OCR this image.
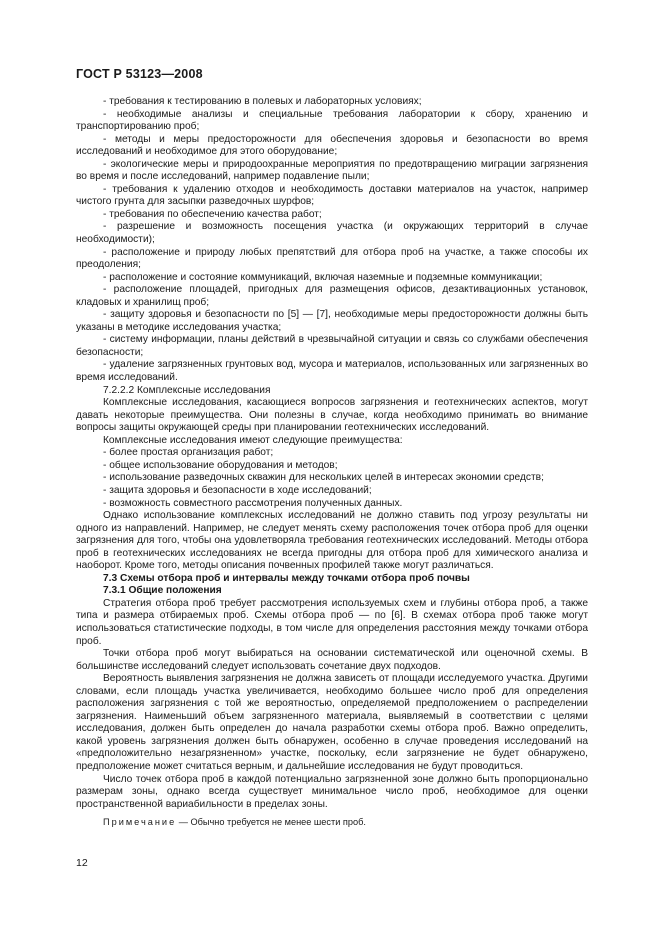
ГОСТ Р 53123—2008

- требования к тестированию в полевых и лабораторных условиях;

- необходимые анализы и специальные требования лаборатории к сбору, хранению и транспортированию проб;

- методы и меры предосторожности для обеспечения здоровья и безопасности во время исследований и необходимое для этого оборудование;

- экологические меры и природоохранные мероприятия по предотвращению миграции загрязнения во время и после исследований, например подавление пыли;

- требования к удалению отходов и необходимость доставки материалов на участок, например чистого грунта для засыпки разведочных шурфов;

- требования по обеспечению качества работ;

- разрешение и возможность посещения участка (и окружающих территорий в случае необходимости);

- расположение и природу любых препятствий для отбора проб на участке, а также способы их преодоления;

- расположение и состояние коммуникаций, включая наземные и подземные коммуникации;

- расположение площадей, пригодных для размещения офисов, дезактивационных установок, кладовых и хранилищ проб;

- защиту здоровья и безопасности по [5] — [7], необходимые меры предосторожности должны быть указаны в методике исследования участка;

- систему информации, планы действий в чрезвычайной ситуации и связь со службами обеспечения безопасности;

- удаление загрязненных грунтовых вод, мусора и материалов, использованных или загрязненных во время исследований.

7.2.2.2 Комплексные исследования

Комплексные исследования, касающиеся вопросов загрязнения и геотехнических аспектов, могут давать некоторые преимущества. Они полезны в случае, когда необходимо принимать во внимание вопросы защиты окружающей среды при планировании геотехнических исследований.

Комплексные исследования имеют следующие преимущества:

- более простая организация работ;

- общее использование оборудования и методов;

- использование разведочных скважин для нескольких целей в интересах экономии средств;

- защита здоровья и безопасности в ходе исследований;

- возможность совместного рассмотрения полученных данных.

Однако использование комплексных исследований не должно ставить под угрозу результаты ни одного из направлений. Например, не следует менять схему расположения точек отбора проб для оценки загрязнения для того, чтобы она удовлетворяла требования геотехнических исследований. Методы отбора проб в геотехнических исследованиях не всегда пригодны для отбора проб для химического анализа и наоборот. Кроме того, методы описания почвенных профилей также могут различаться.

7.3 Схемы отбора проб и интервалы между точками отбора проб почвы

7.3.1 Общие положения

Стратегия отбора проб требует рассмотрения используемых схем и глубины отбора проб, а также типа и размера отбираемых проб. Схемы отбора проб — по [6]. В схемах отбора проб также могут использоваться статистические подходы, в том числе для определения расстояния между точками отбора проб.

Точки отбора проб могут выбираться на основании систематической или оценочной схемы. В большинстве исследований следует использовать сочетание двух подходов.

Вероятность выявления загрязнения не должна зависеть от площади исследуемого участка. Другими словами, если площадь участка увеличивается, необходимо большее число проб для определения расположения загрязнения с той же вероятностью, определяемой предположением о распределении загрязнения. Наименьший объем загрязненного материала, выявляемый в соответствии с целями исследования, должен быть определен до начала разработки схемы отбора проб. Важно определить, какой уровень загрязнения должен быть обнаружен, особенно в случае проведения исследований на «предположительно незагрязненном» участке, поскольку, если загрязнение не будет обнаружено, предположение может считаться верным, и дальнейшие исследования не будут проводиться.

Число точек отбора проб в каждой потенциально загрязненной зоне должно быть пропорционально размерам зоны, однако всегда существует минимальное число проб, необходимое для оценки пространственной вариабильности в пределах зоны.

Примечание — Обычно требуется не менее шести проб.

12
